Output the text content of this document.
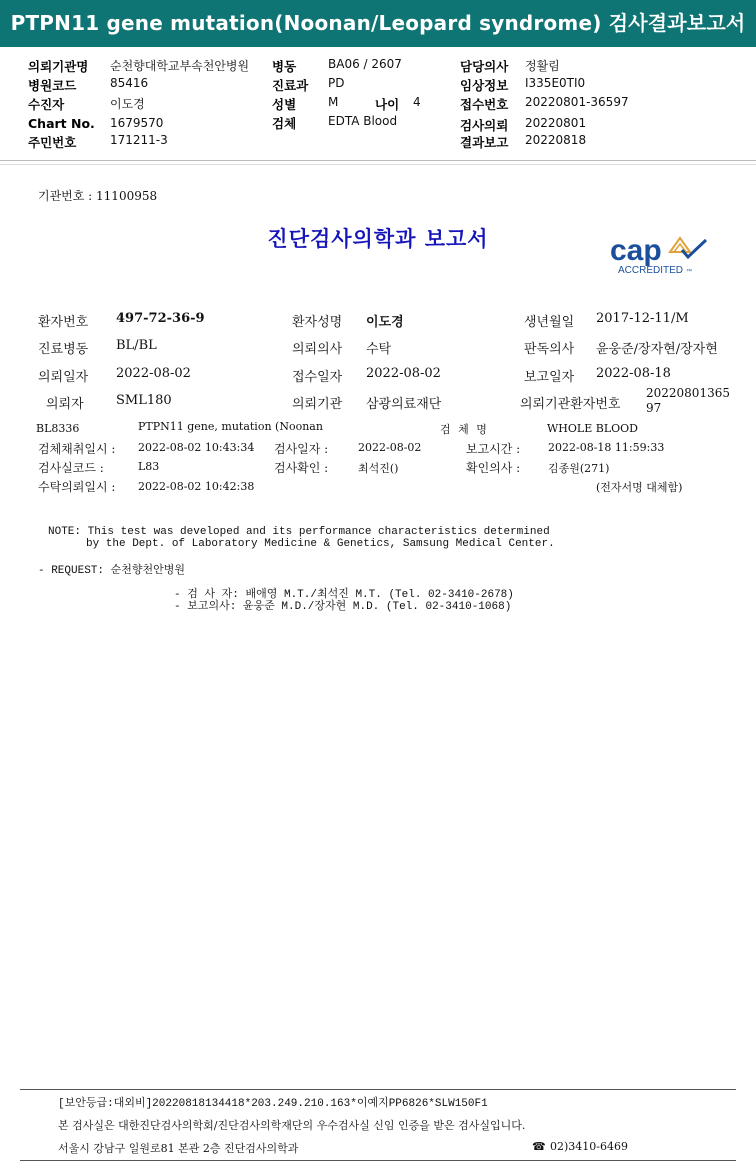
PTPN11 gene mutation(Noonan/Leopard syndrome) 검사결과보고서
의뢰기관명 순천향대학교부속천안병원
병원코드	85416
수진자	이도경
Chart No. 1679570
주민번호	171211-3
병동	BA06 / 2607
진료과 PD
성별	M	나이 4
검체	EDTA Blood
담당의사 정활림
임상정보 I335E0TI0
접수번호 20220801-36597
검사의뢰 20220801
결과보고 20220818
기관번호 : 11100958
진단검사의학과 보고서	cap
ACCREDITED ™
환자번호 497-72-36-9	환자성명 이도경	생년월일 2017-12-11/M
진료병동 BL/BL	의뢰의사 수탁	판독의사 윤웅준/장자현/장자현
의뢰일자 2022-08-02	접수일자 2022-08-02	보고일자 2022-08-18
의뢰자 SML180	의뢰기관 삼광의료재단	의뢰기관환자번호
2022080136597
BL8336	PTPN11 gene, mutation (Noonan	검 체 명	WHOLE BLOOD
검체채취일시 : 2022-08-02 10:43:34 검사일자 :	2022-08-02	보고시간 :	2022-08-18 11:59:33
검사실코드 :	L83	검사확인 :	최석진()	확인의사 :	김종원(271)
수탁의뢰일시 : 2022-08-02 10:42:38	(전자서명 대체함)
NOTE: This test was developed and its performance characteristics determined
by the Dept. of Laboratory Medicine & Genetics, Samsung Medical Center.
- REQUEST: 순천향천안병원
- 검 사 자: 배애영 M.T./최석진 M.T. (Tel. 02-3410-2678)
- 보고의사: 윤웅준 M.D./장자현 M.D. (Tel. 02-3410-1068)
[보안등급:대외비]20220818134418*203.249.210.163*이예지PP6826*SLW150F1
본 검사실은 대한진단검사의학회/진단검사의학재단의 우수검사실 신임 인증을 받은 검사실입니다.
서울시 강남구 일원로81 본관 2층 진단검사의학과	☎ 02)3410-6469
